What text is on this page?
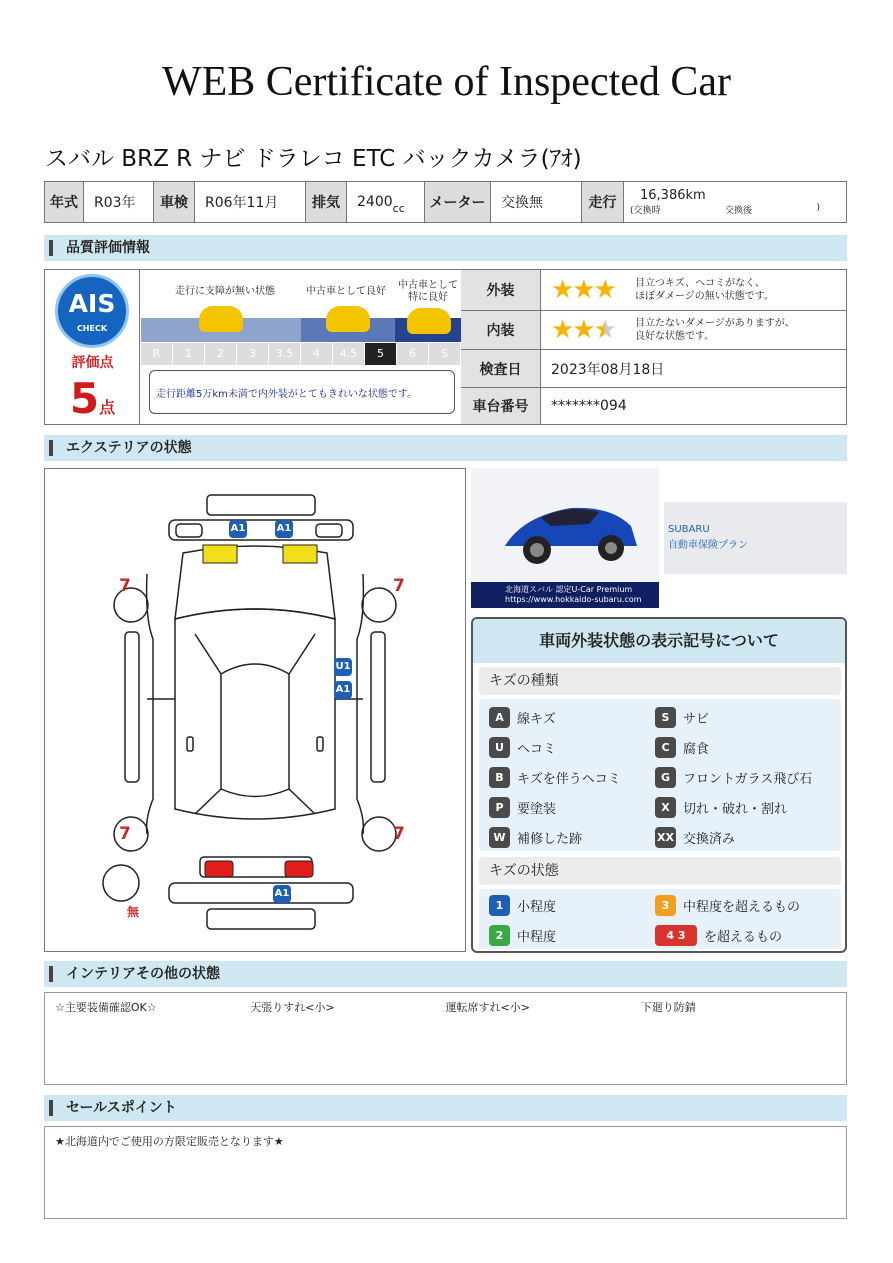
WEB Certificate of Inspected Car
スバル BRZ R ナビ ドラレコ ETC バックカメラ(ｱｵ)
年式	R03年	車検	R06年11月	排気	2400 cc	メーター	交換無	走行	16,386km
(交換時	交換後	)
品質評価情報
AIS
CHECK
評価点
5点
走行に支障が無い状態	中古車として良好
中古車として特に良好
R	1	2	3	3.5	4	4.5	5	6	S
走行距離5万km未満で内外装がとてもきれいな状態です。
外装	★★★	目立つキズ、ヘコミがなく、
ほぼダメージの無い状態です。
内装	★★★	目立たないダメージがありますが、
良好な状態です。
検査日	2023年08月18日
車台番号	*******094
エクステリアの状態
7	7
7	7
無
A1	A1
U1
A1
A1
北海道スバル 認定U-Car Premium
https://www.hokkaido-subaru.com
SUBARU
自動車保険プラン
車両外装状態の表示記号について
キズの種類
A	線キズ	S	サビ
U	ヘコミ	C	腐食
B	キズを伴うヘコミ	G フロントガラス飛び石
P	要塗装	X	切れ・破れ・割れ
W 補修した跡	XX 交換済み
キズの状態
1	小程度	3	中程度を超えるもの
2	中程度	4 3	を超えるもの
インテリアその他の状態
☆主要装備確認OK☆	天張りすれ<小>	運転席すれ<小>	下廻り防錆
セールスポイント
★北海道内でご使用の方限定販売となります★
